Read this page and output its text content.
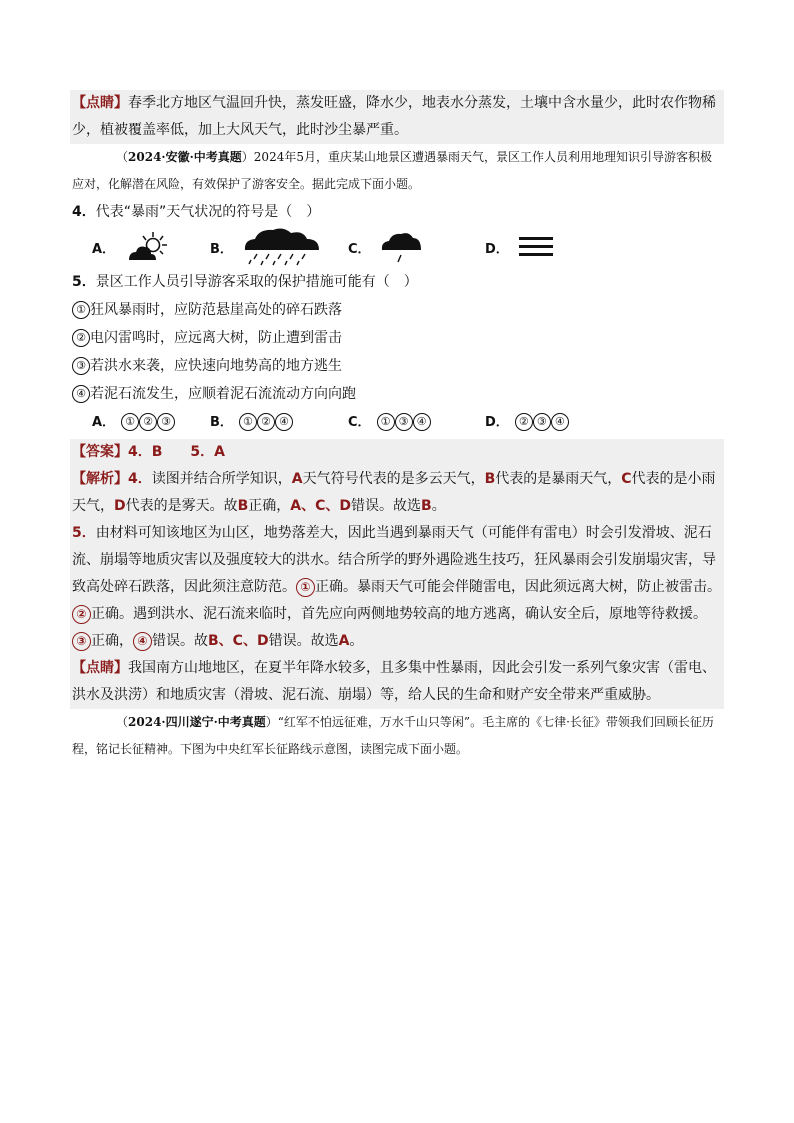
【点睛】春季北方地区气温回升快，蒸发旺盛，降水少，地表水分蒸发，土壤中含水量少，此时农作物稀少，植被覆盖率低，加上大风天气，此时沙尘暴严重。

（2024·安徽·中考真题）2024年5月，重庆某山地景区遭遇暴雨天气，景区工作人员利用地理知识引导游客积极应对，化解潜在风险，有效保护了游客安全。据此完成下面小题。

4．代表“暴雨”天气状况的符号是（　）

A．	B．	C．	D．

5．景区工作人员引导游客采取的保护措施可能有（　）

① 狂风暴雨时，应防范悬崖高处的碎石跌落

② 电闪雷鸣时，应远离大树，防止遭到雷击

③ 若洪水来袭，应快速向地势高的地方逃生

④ 若泥石流发生，应顺着泥石流流动方向向跑

A． ① ② ③	B． ① ② ④	C． ① ③ ④	D． ② ③ ④
【答案】4．B 5．A
【解析】4．读图并结合所学知识，A天气符号代表的是多云天气，B代表的是暴雨天气，C代表的是小雨天气，D代表的是雾天。故B正确，A、C、D错误。故选B。
5．由材料可知该地区为山区，地势落差大，因此当遇到暴雨天气（可能伴有雷电）时会引发滑坡、泥石流、崩塌等地质灾害以及强度较大的洪水。结合所学的野外遇险逃生技巧，狂风暴雨会引发崩塌灾害，导致高处碎石跌落，因此须注意防范。 ① 正确。暴雨天气可能会伴随雷电，因此须远离大树，防止被雷击。② 正确。遇到洪水、泥石流来临时，首先应向两侧地势较高的地方逃离，确认安全后，原地等待救援。③ 正确， ④ 错误。故B、C、D错误。故选A。
【点睛】我国南方山地地区，在夏半年降水较多，且多集中性暴雨，因此会引发一系列气象灾害（雷电、洪水及洪涝）和地质灾害（滑坡、泥石流、崩塌）等，给人民的生命和财产安全带来严重威胁。

（2024·四川遂宁·中考真题）“红军不怕远征难，万水千山只等闲”。毛主席的《七律·长征》带领我们回顾长征历程，铭记长征精神。下图为中央红军长征路线示意图，读图完成下面小题。
